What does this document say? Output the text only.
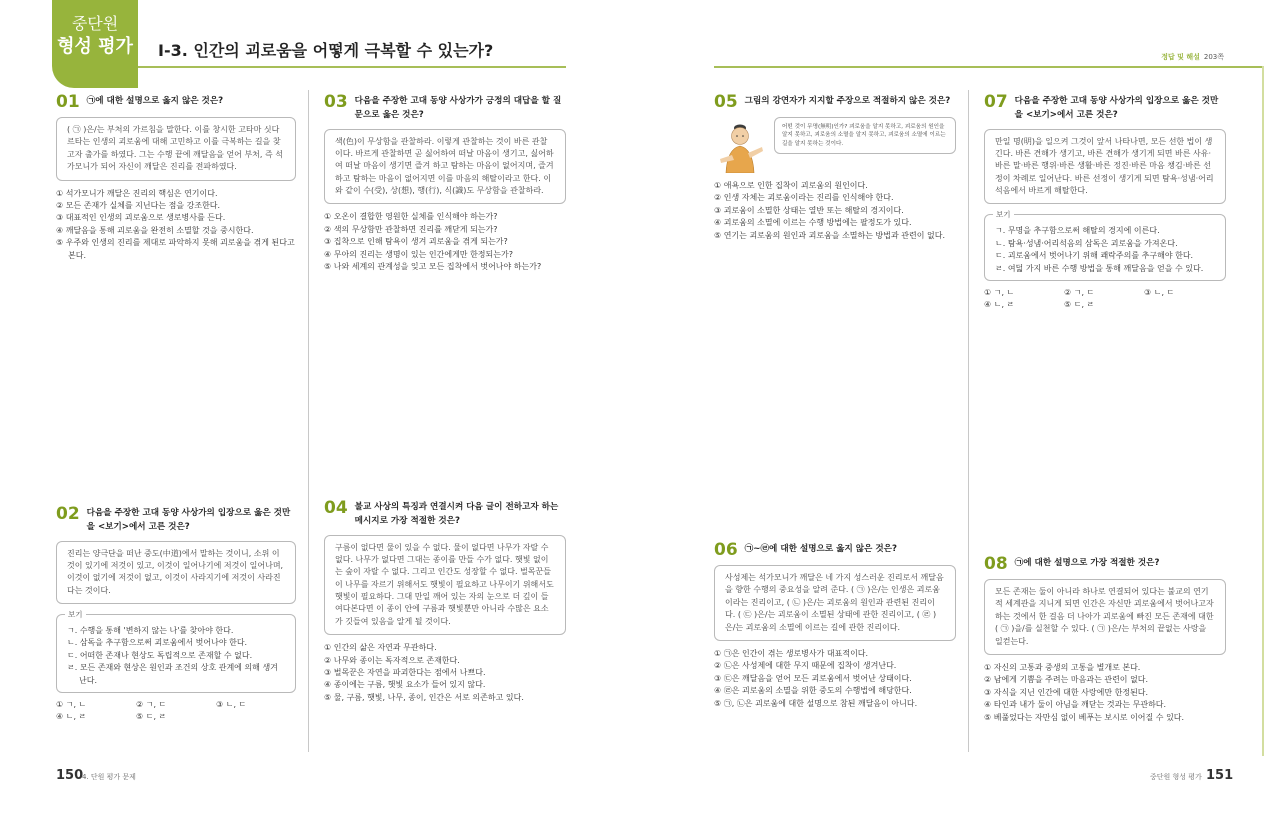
중단원
형성 평가	Ⅰ-3. 인간의 괴로움을 어떻게 극복할 수 있는가?	정답 및 해설 203쪽
01 ㉠에 대한 설명으로 옳지 않은 것은?
( ㉠ )은/는 부처의 가르침을 말한다. 이를 창시한 고타마 싯다르타는 인생의 괴로움에 대해 고민하고 이를 극복하는 길을 찾고자 출가를 하였다. 그는 수행 끝에 깨달음을 얻어 부처, 즉 석가모니가 되어 자신이 깨달은 진리를 전파하였다.
① 석가모니가 깨달은 진리의 핵심은 연기이다.
② 모든 존재가 실체를 지닌다는 점을 강조한다.
③ 대표적인 인생의 괴로움으로 생로병사를 든다.
④ 깨달음을 통해 괴로움을 완전히 소멸할 것을 중시한다.
⑤ 우주와 인생의 진리를 제대로 파악하지 못해 괴로움을 겪게 된다고 본다.
02 다음을 주장한 고대 동양 사상가의 입장으로 옳은 것만을 <보기>에서 고른 것은?
진리는 양극단을 떠난 중도(中道)에서 말하는 것이니, 소위 이것이 있기에 저것이 있고, 이것이 일어나기에 저것이 일어나며, 이것이 없기에 저것이 없고, 이것이 사라지기에 저것이 사라진다는 것이다.
보기
ㄱ. 수행을 통해 '변하지 않는 나'를 찾아야 한다.
ㄴ. 삼독을 추구함으로써 괴로움에서 벗어나야 한다.
ㄷ. 어떠한 존재나 현상도 독립적으로 존재할 수 없다.
ㄹ. 모든 존재와 현상은 원인과 조건의 상호 관계에 의해 생겨난다.
① ㄱ, ㄴ	② ㄱ, ㄷ	③ ㄴ, ㄷ
④ ㄴ, ㄹ	⑤ ㄷ, ㄹ
03 다음을 주장한 고대 동양 사상가가 긍정의 대답을 할 질문으로 옳은 것은?
색(色)이 무상함을 관찰하라. 이렇게 관찰하는 것이 바른 관찰이다. 바르게 관찰하면 곧 싫어하여 떠날 마음이 생기고, 싫어하여 떠날 마음이 생기면 즐겨 하고 탐하는 마음이 없어지며, 즐겨 하고 탐하는 마음이 없어지면 이를 마음의 해탈이라고 한다. 이와 같이 수(受), 상(想), 행(行), 식(識)도 무상함을 관찰하라.
① 오온이 결합한 영원한 실체를 인식해야 하는가?
② 색의 무상함만 관찰하면 진리를 깨닫게 되는가?
③ 집착으로 인해 탐욕이 생겨 괴로움을 겪게 되는가?
④ 무아의 진리는 생명이 있는 인간에게만 한정되는가?
⑤ 나와 세계의 관계성을 잊고 모든 집착에서 벗어나야 하는가?
04 불교 사상의 특징과 연결시켜 다음 글이 전하고자 하는 메시지로 가장 적절한 것은?
구름이 없다면 물이 있을 수 없다. 물이 없다면 나무가 자랄 수 없다. 나무가 없다면 그대는 종이를 만들 수가 없다. 햇빛 없이는 숲이 자랄 수 없다. 그리고 인간도 성장할 수 없다. 벌목꾼들이 나무를 자르기 위해서도 햇빛이 필요하고 나무이기 위해서도 햇빛이 필요하다. 그대 만일 깨어 있는 자의 눈으로 더 깊이 들여다본다면 이 종이 안에 구름과 햇빛뿐만 아니라 수많은 요소가 깃들여 있음을 알게 될 것이다.
① 인간의 삶은 자연과 무관하다.
② 나무와 종이는 독자적으로 존재한다.
③ 벌목꾼은 자연을 파괴한다는 점에서 나쁘다.
④ 종이에는 구름, 햇빛 요소가 들어 있지 않다.
⑤ 물, 구름, 햇빛, 나무, 종이, 인간은 서로 의존하고 있다.
05 그림의 강연자가 지지할 주장으로 적절하지 않은 것은?
어떤 것이 무명(無明)인가? 괴로움을 알지 못하고, 괴로움의 원인을 알지 못하고, 괴로움의 소멸을 알지 못하고, 괴로움의 소멸에 이르는 길을 알지 못하는 것이다.
① 애욕으로 인한 집착이 괴로움의 원인이다.
② 인생 자체는 괴로움이라는 진리를 인식해야 한다.
③ 괴로움이 소멸한 상태는 열반 또는 해탈의 경지이다.
④ 괴로움의 소멸에 이르는 수행 방법에는 팔정도가 있다.
⑤ 연기는 괴로움의 원인과 괴로움을 소멸하는 방법과 관련이 없다.
06 ㉠~㉣에 대한 설명으로 옳지 않은 것은?
사성제는 석가모니가 깨달은 네 가지 성스러운 진리로서 깨달음을 향한 수행의 중요성을 알려 준다. ( ㉠ )은/는 인생은 괴로움이라는 진리이고, ( ㉡ )은/는 괴로움의 원인과 관련된 진리이다. ( ㉢ )은/는 괴로움이 소멸된 상태에 관한 진리이고, ( ㉣ )은/는 괴로움의 소멸에 이르는 길에 관한 진리이다.
① ㉠은 인간이 겪는 생로병사가 대표적이다.
② ㉡은 사성제에 대한 무지 때문에 집착이 생겨난다.
③ ㉢은 깨달음을 얻어 모든 괴로움에서 벗어난 상태이다.
④ ㉣은 괴로움의 소멸을 위한 중도의 수행법에 해당한다.
⑤ ㉠, ㉡은 괴로움에 대한 설명으로 참된 깨달음이 아니다.
07 다음을 주장한 고대 동양 사상가의 입장으로 옳은 것만을 <보기>에서 고른 것은?
만일 명(明)을 일으켜 그것이 앞서 나타나면, 모든 선한 법이 생긴다. 바른 견해가 생기고, 바른 견해가 생기게 되면 바른 사유·바른 말·바른 행위·바른 생활·바른 정진·바른 마음 챙김·바른 선정이 차례로 일어난다. 바른 선정이 생기게 되면 탐욕·성냄·어리석음에서 바르게 해탈한다.
보기
ㄱ. 무명을 추구함으로써 해탈의 경지에 이른다.
ㄴ. 탐욕·성냄·어리석음의 삼독은 괴로움을 가져온다.
ㄷ. 괴로움에서 벗어나기 위해 쾌락주의를 추구해야 한다.
ㄹ. 여덟 가지 바른 수행 방법을 통해 깨달음을 얻을 수 있다.
① ㄱ, ㄴ	② ㄱ, ㄷ	③ ㄴ, ㄷ
④ ㄴ, ㄹ	⑤ ㄷ, ㄹ
08 ㉠에 대한 설명으로 가장 적절한 것은?
모든 존재는 둘이 아니라 하나로 연결되어 있다는 불교의 연기적 세계관을 지니게 되면 인간은 자신만 괴로움에서 벗어나고자 하는 것에서 한 걸음 더 나아가 괴로움에 빠진 모든 존재에 대한 ( ㉠ )을/를 실천할 수 있다. ( ㉠ )은/는 부처의 끝없는 사랑을 일컫는다.
① 자신의 고통과 중생의 고통을 별개로 본다.
② 남에게 기쁨을 주려는 마음과는 관련이 없다.
③ 자식을 지닌 인간에 대한 사랑에만 한정된다.
④ 타인과 내가 둘이 아님을 깨닫는 것과는 무관하다.
⑤ 베풀었다는 자만심 없이 베푸는 보시로 이어질 수 있다.
150
4. 단원 평가 문제	중단원 형성 평가 151
